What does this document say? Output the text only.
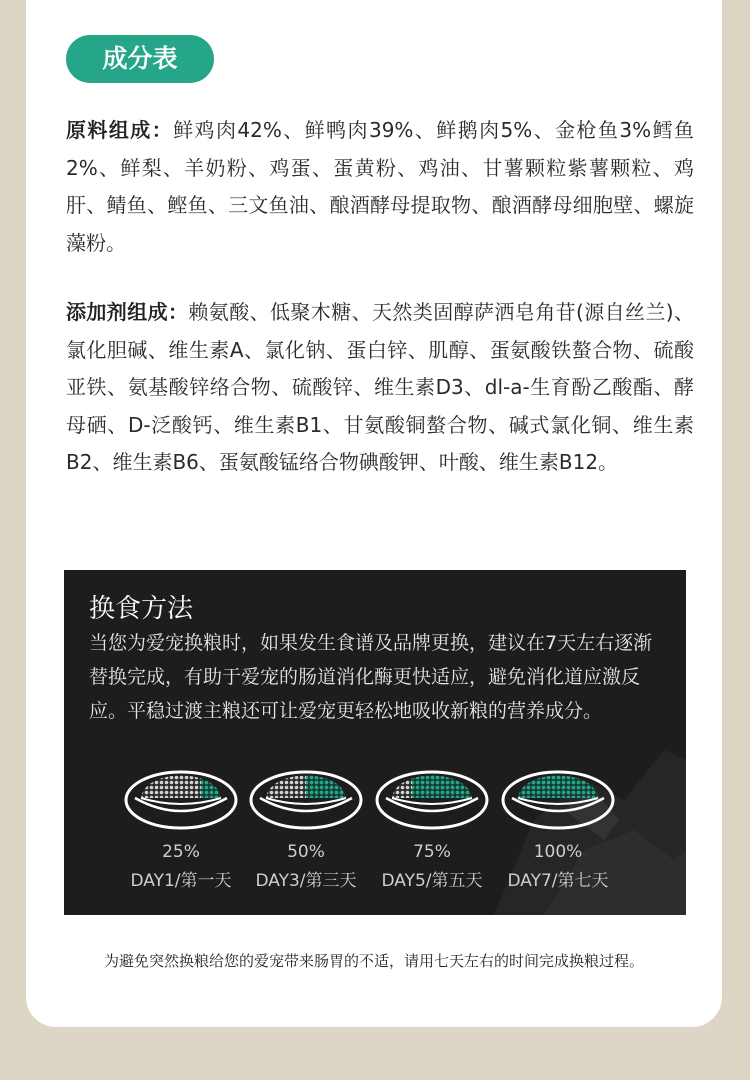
成分表

原料组成：鲜鸡肉42%、鲜鸭肉39%、鲜鹅肉5%、金枪鱼3%鳕鱼2%、鲜梨、羊奶粉、鸡蛋、蛋黄粉、鸡油、甘薯颗粒紫薯颗粒、鸡肝、鲭鱼、鲣鱼、三文鱼油、酿酒酵母提取物、酿酒酵母细胞壁、螺旋藻粉。

添加剂组成：赖氨酸、低聚木糖、天然类固醇萨洒皂角苷(源自丝兰)、氯化胆碱、维生素A、氯化钠、蛋白锌、肌醇、蛋氨酸铁螯合物、硫酸亚铁、氨基酸锌络合物、硫酸锌、维生素D3、dl-a-生育酚乙酸酯、酵母硒、D-泛酸钙、维生素B1、甘氨酸铜螯合物、碱式氯化铜、维生素B2、维生素B6、蛋氨酸锰络合物碘酸钾、叶酸、维生素B12。

换食方法

当您为爱宠换粮时，如果发生食谱及品牌更换，建议在7天左右逐渐替换完成，有助于爱宠的肠道消化酶更快适应，避免消化道应激反应。平稳过渡主粮还可让爱宠更轻松地吸收新粮的营养成分。

25%
DAY1/第一天
50%
DAY3/第三天
75%
DAY5/第五天
100%
DAY7/第七天
为避免突然换粮给您的爱宠带来肠胃的不适，请用七天左右的时间完成换粮过程。
